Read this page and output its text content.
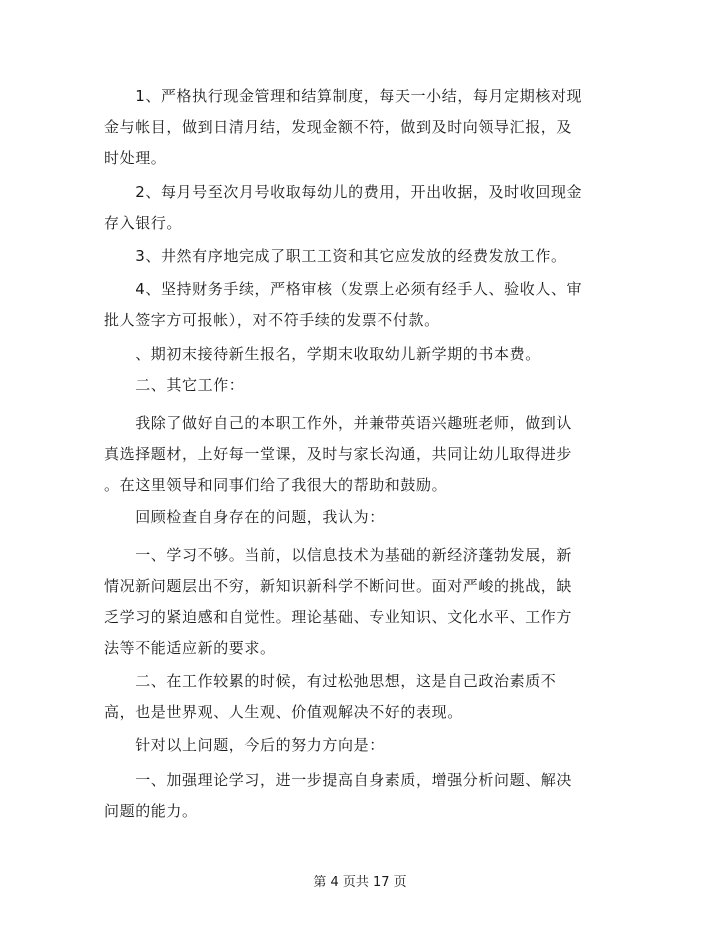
　　1、严格执行现金管理和结算制度，每天一小结，每月定期核对现
金与帐目，做到日清月结，发现金额不符，做到及时向领导汇报，及
时处理。
　　2、每月号至次月号收取每幼儿的费用，开出收据，及时收回现金
存入银行。
　　3、井然有序地完成了职工工资和其它应发放的经费发放工作。
　　4、坚持财务手续，严格审核（发票上必须有经手人、验收人、审
批人签字方可报帐），对不符手续的发票不付款。
　　、期初末接待新生报名，学期末收取幼儿新学期的书本费。
　　二、其它工作：
　　我除了做好自己的本职工作外，并兼带英语兴趣班老师，做到认
真选择题材，上好每一堂课，及时与家长沟通，共同让幼儿取得进步
。在这里领导和同事们给了我很大的帮助和鼓励。
　　回顾检查自身存在的问题，我认为：
　　一、学习不够。当前，以信息技术为基础的新经济蓬勃发展，新
情况新问题层出不穷，新知识新科学不断问世。面对严峻的挑战，缺
乏学习的紧迫感和自觉性。理论基础、专业知识、文化水平、工作方
法等不能适应新的要求。
　　二、在工作较累的时候，有过松弛思想，这是自己政治素质不
高，也是世界观、人生观、价值观解决不好的表现。
　　针对以上问题，今后的努力方向是：
　　一、加强理论学习，进一步提高自身素质，增强分析问题、解决
问题的能力。
第 4 页共 17 页
